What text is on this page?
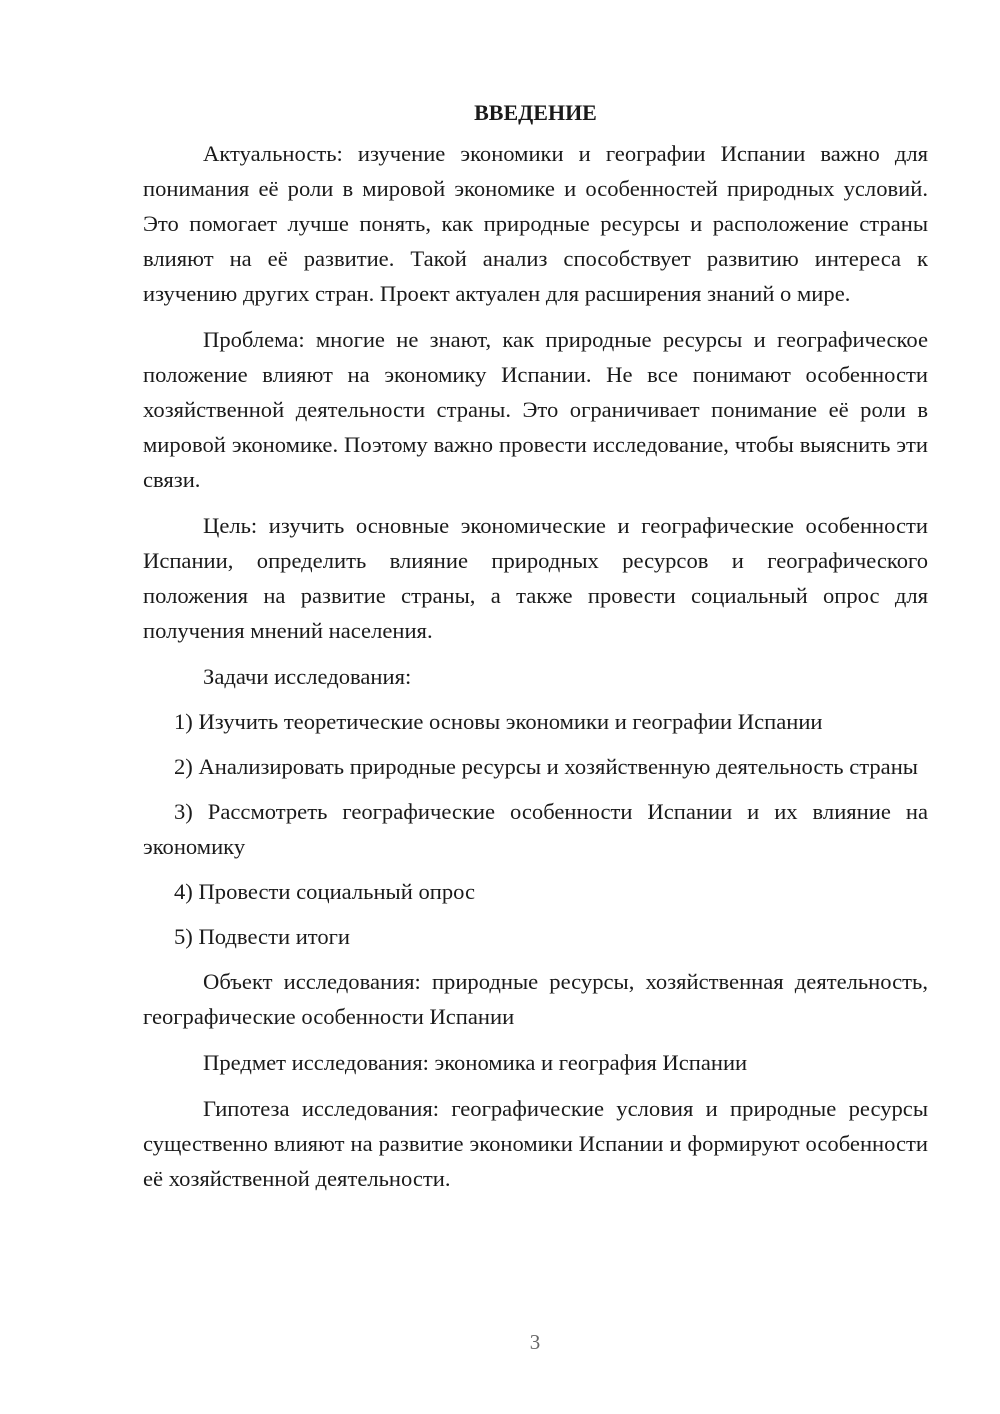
ВВЕДЕНИЕ

Актуальность: изучение экономики и географии Испании важно для понимания её роли в мировой экономике и особенностей природных условий. Это помогает лучше понять, как природные ресурсы и расположение страны влияют на её развитие. Такой анализ способствует развитию интереса к изучению других стран. Проект актуален для расширения знаний о мире.

Проблема: многие не знают, как природные ресурсы и географическое положение влияют на экономику Испании. Не все понимают особенности хозяйственной деятельности страны. Это ограничивает понимание её роли в мировой экономике. Поэтому важно провести исследование, чтобы выяснить эти связи.

Цель: изучить основные экономические и географические особенности Испании, определить влияние природных ресурсов и географического положения на развитие страны, а также провести социальный опрос для получения мнений населения.

Задачи исследования:

1) Изучить теоретические основы экономики и географии Испании

2) Анализировать природные ресурсы и хозяйственную деятельность страны

3) Рассмотреть географические особенности Испании и их влияние на экономику

4) Провести социальный опрос

5) Подвести итоги

Объект исследования: природные ресурсы, хозяйственная деятельность, географические особенности Испании

Предмет исследования: экономика и география Испании

Гипотеза исследования: географические условия и природные ресурсы существенно влияют на развитие экономики Испании и формируют особенности её хозяйственной деятельности.

3
